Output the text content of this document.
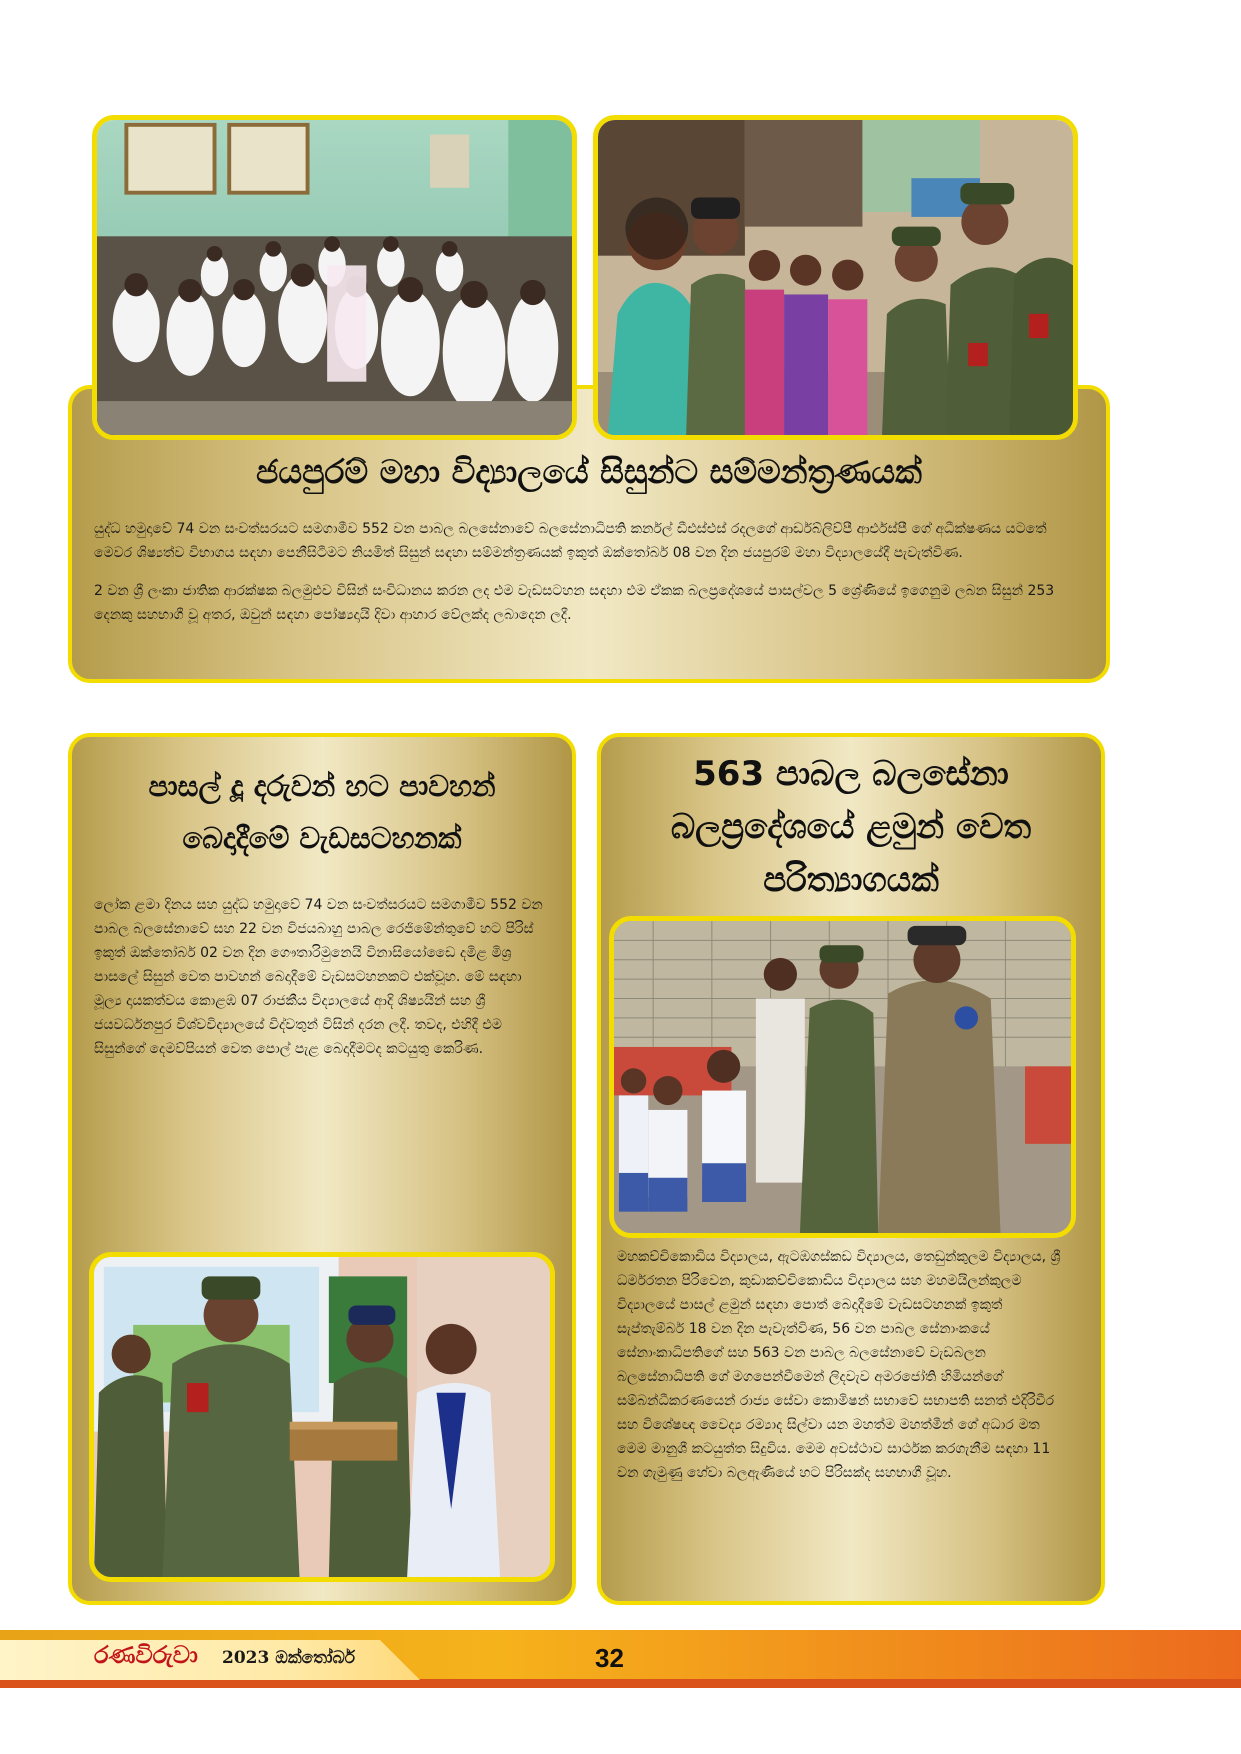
ජයපුරම් මහා විද්‍යාලයේ සිසුන්ට සම්මන්ත්‍රණයක්

යුද්ධ හමුදාවේ 74 වන සංවත්සරයට සමගාමීව 552 වන පාබල බලසේනාවේ බලසේනාධිපති කර්නල් ඩීඑස්එස් රදලගේ ආර්ඩබ්ලිව්පී ආර්එස්පී ගේ අධීක්ෂණය යටතේ මෙවර ශිෂ්‍යත්ව විභාගය සඳහා පෙනීසිටීමට නියමිත් සිසුන් සඳහා සම්මන්ත්‍රණයක් ඉකුත් ඔක්තෝබර් 08 වන දින ජයපුරම් මහා විද්‍යාලයේදී පැවැත්විණ.

2 වන ශ්‍රී ලංකා ජාතික ආරක්ෂක බලමුළුව විසින් සංවිධානය කරන ලද එම වැඩසටහන සඳහා එම ඒකක බලප්‍රදේශයේ පාසල්වල 5 ශ්‍රේණියේ ඉගෙනුම ලබන සිසුන් 253 දෙනකු සහභාගී වූ අතර, ඔවුන් සඳහා පෝෂ්‍යදායි දිවා ආහාර වේලක්ද ලබාදෙන ලදී.

පාසල් දූ දරුවන් හට පාවහන්
බෙදාදීමේ වැඩසටහනක්

ලෝක ළමා දිනය සහ යුද්ධ හමුදාවේ 74 වන සංවත්සරයට සමගාමීව 552 වන පාබල බලසේනාවේ සහ 22 වන විජයබාහු පාබල රෙජිමේන්තුවේ හට පිරිස් ඉකුත් ඔක්තෝබර් 02 වන දින ගෞතාරිමුනෙයි විනාසියෝඩෛ දමිළ මිශ්‍ර පාසලේ සිසුන් වෙත පාවහන් බෙදාදීමේ වැඩසටහනකට එක්වූහ. මේ සඳහා මූල්‍ය දායකත්වය කොළඹ 07 රාජකීය විද්‍යාලයේ ආදි ශිෂ්‍යයින් සහ ශ්‍රී ජයවර්ධනපුර විශ්වවිද්‍යාලයේ විද්වතුන් විසින් දරන ලදී. තවද, එහිදී එම සිසුන්ගේ දෙමව්පියන් වෙත පොල් පැළ බෙදාදීමටද කටයුතු කෙරිණ.

563 පාබල බලසේනා
බලප්‍රදේශයේ ළමුන් වෙත
පරිත්‍යාගයක්

මහකච්චිකොඩිය විද්‍යාලය, ඇටඹගස්කඩ විද්‍යාලය, තෙඩුන්කුලම විද්‍යාලය, ශ්‍රී ධර්මරතන පිරිවෙන, කුඩාකච්චිකොඩිය විද්‍යාලය සහ මහමයිලන්කුලම විද්‍යාලයේ පාසල් ළමුන් සඳහා පොත් බෙදාදීමේ වැඩසටහනක් ඉකුත් සැප්තැම්බර් 18 වන දින පැවැත්විණ, 56 වන පාබල සේනාංකයේ සේනාංකාධිපතිගේ සහ 563 වන පාබල බලසේනාවේ වැඩබලන බලසේනාධිපති ගේ මගපෙන්වීමෙන් ලිදවැව අමරජෝති හිමියන්ගේ සම්බන්ධීකරණයෙන් රාජ්‍ය සේවා කොමිෂන් සභාවේ සභාපති සනත් එදිරිවීර සහ විශේෂඥ වෛද්‍ය රම්‍යාද සිල්වා යන මහත්ම මහත්මීන් ගේ අධාර මත මෙම මානුශී කටයුත්ත සිදුවිය. මෙම අවස්ථාව සාර්ථක කරගැනීම සඳහා 11 වන ගැමුණු හේවා බලඇණියේ හට පිරිසක්ද සහභාගී වූහ.

රණවිරුවා 2023 ඔක්තෝබර්	32
